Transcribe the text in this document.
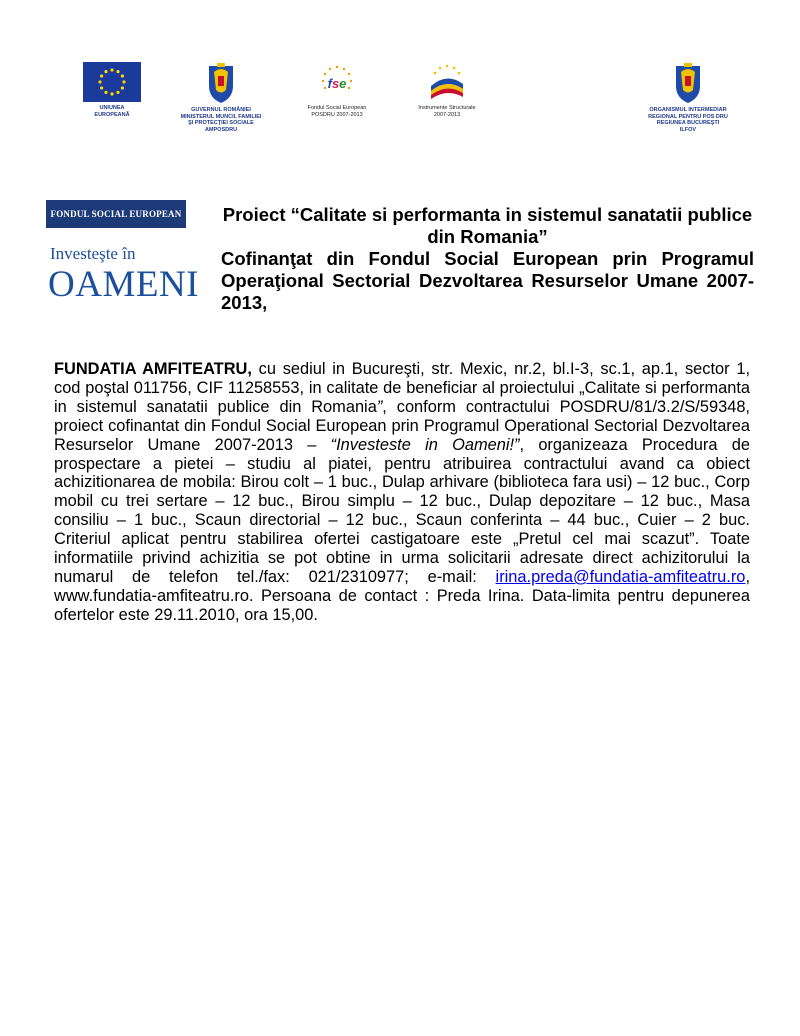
UNIUNEA EUROPEANĂ
GUVERNUL ROMÂNIEI MINISTERUL MUNCII, FAMILIEI ŞI PROTECŢIEI SOCIALE AMPOSDRU
fse
Fondul Social European POSDRU 2007-2013
Instrumente Structurale 2007-2013
ORGANISMUL INTERMEDIAR REGIONAL PENTRU POS DRU REGIUNEA BUCUREŞTI ILFOV
FONDUL SOCIAL EUROPEAN
Investeşte în
OAMENI
Proiect “Calitate si performanta in sistemul sanatatii publice din Romania”
Cofinanţat din Fondul Social European prin Programul Operaţional Sectorial Dezvoltarea Resurselor Umane 2007- 2013,
FUNDATIA AMFITEATRU, cu sediul in Bucureşti, str. Mexic, nr.2, bl.I-3, sc.1, ap.1, sector 1, cod poştal 011756, CIF 11258553, in calitate de beneficiar al proiectului „Calitate si performanta in sistemul sanatatii publice din Romania”, conform contractului POSDRU/81/3.2/S/59348, proiect cofinantat din Fondul Social European prin Programul Operational Sectorial Dezvoltarea Resurselor Umane 2007-2013 – “Investeste in Oameni!”, organizeaza Procedura de prospectare a pietei – studiu al piatei, pentru atribuirea contractului avand ca obiect achizitionarea de mobila: Birou colt – 1 buc., Dulap arhivare (biblioteca fara usi) – 12 buc., Corp mobil cu trei sertare – 12 buc., Birou simplu – 12 buc., Dulap depozitare – 12 buc., Masa consiliu – 1 buc., Scaun directorial – 12 buc., Scaun conferinta – 44 buc., Cuier – 2 buc. Criteriul aplicat pentru stabilirea ofertei castigatoare este „Pretul cel mai scazut”. Toate informatiile privind achizitia se pot obtine in urma solicitarii adresate direct achizitorului la numarul de telefon tel./fax: 021/2310977; e-mail: irina.preda@fundatia-amfiteatru.ro, www.fundatia-amfiteatru.ro. Persoana de contact : Preda Irina. Data-limita pentru depunerea ofertelor este 29.11.2010, ora 15,00.
